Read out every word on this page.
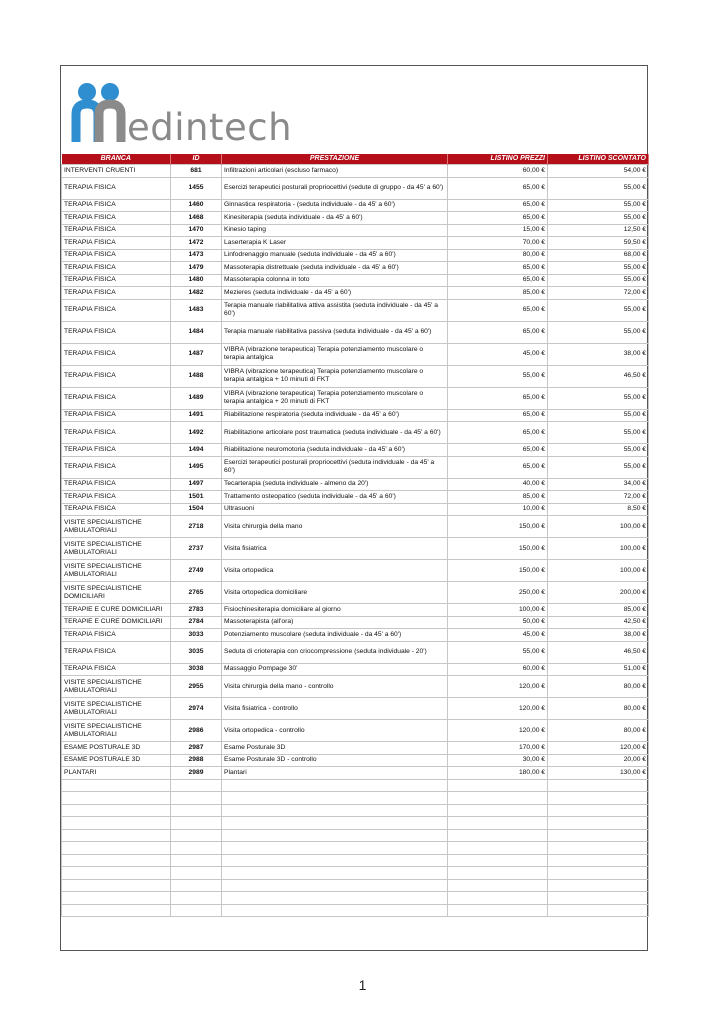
edintech
BRANCA	ID	PRESTAZIONE	LISTINO PREZZI	LISTINO SCONTATO
INTERVENTI CRUENTI	681	Infiltrazioni articolari (escluso farmaco)	60,00 €	54,00 €
TERAPIA FISICA	1455	Esercizi terapeutici posturali propriocettivi (sedute di gruppo - da 45' a 60')	65,00 €	55,00 €
TERAPIA FISICA	1460	Ginnastica respiratoria - (seduta individuale - da 45' a 60')	65,00 €	55,00 €
TERAPIA FISICA	1468	Kinesiterapia (seduta individuale - da 45' a 60')	65,00 €	55,00 €
TERAPIA FISICA	1470	Kinesio taping	15,00 €	12,50 €
TERAPIA FISICA	1472	Laserterapia K Laser	70,00 €	59,50 €
TERAPIA FISICA	1473	Linfodrenaggio manuale (seduta individuale - da 45' a 60')	80,00 €	68,00 €
TERAPIA FISICA	1479	Massoterapia distrettuale (seduta individuale - da 45' a 60')	65,00 €	55,00 €
TERAPIA FISICA	1480	Massoterapia colonna in toto	65,00 €	55,00 €
TERAPIA FISICA	1482	Mezieres (seduta individuale - da 45' a 60')	85,00 €	72,00 €
TERAPIA FISICA	1483	Terapia manuale riabilitativa attiva assistita (seduta individuale - da 45' a 60')	65,00 €	55,00 €
TERAPIA FISICA	1484	Terapia manuale riabilitativa passiva (seduta individuale - da 45' a 60')	65,00 €	55,00 €
TERAPIA FISICA	1487	VIBRA (vibrazione terapeutica) Terapia potenziamento muscolare o terapia antalgica	45,00 €	38,00 €
TERAPIA FISICA	1488	VIBRA (vibrazione terapeutica) Terapia potenziamento muscolare o terapia antalgica + 10 minuti di FKT	55,00 €	46,50 €
TERAPIA FISICA	1489	VIBRA (vibrazione terapeutica) Terapia potenziamento muscolare o terapia antalgica + 20 minuti di FKT	65,00 €	55,00 €
TERAPIA FISICA	1491	Riabilitazione respiratoria (seduta individuale - da 45' a 60')	65,00 €	55,00 €
TERAPIA FISICA	1492	Riabilitazione articolare post traumatica (seduta individuale - da 45' a 60')	65,00 €	55,00 €
TERAPIA FISICA	1494	Riabilitazione neuromotoria (seduta individuale - da 45' a 60')	65,00 €	55,00 €
TERAPIA FISICA	1495	Esercizi terapeutici posturali propriocettivi (seduta individuale - da 45' a 60')	65,00 €	55,00 €
TERAPIA FISICA	1497	Tecarterapia (seduta individuale - almeno da 20')	40,00 €	34,00 €
TERAPIA FISICA	1501	Trattamento osteopatico (seduta individuale - da 45' a 60')	85,00 €	72,00 €
TERAPIA FISICA	1504	Ultrasuoni	10,00 €	8,50 €
VISITE SPECIALISTICHE AMBULATORIALI	2718	Visita chirurgia della mano	150,00 €	100,00 €
VISITE SPECIALISTICHE AMBULATORIALI	2737	Visita fisiatrica	150,00 €	100,00 €
VISITE SPECIALISTICHE AMBULATORIALI	2749	Visita ortopedica	150,00 €	100,00 €
VISITE SPECIALISTICHE DOMICILIARI	2765	Visita ortopedica domiciliare	250,00 €	200,00 €
TERAPIE E CURE DOMICILIARI	2783	Fisiochinesiterapia domiciliare al giorno	100,00 €	85,00 €
TERAPIE E CURE DOMICILIARI	2784	Massoterapista (all'ora)	50,00 €	42,50 €
TERAPIA FISICA	3033	Potenziamento muscolare (seduta individuale - da 45' a 60')	45,00 €	38,00 €
TERAPIA FISICA	3035	Seduta di crioterapia con criocompressione (seduta individuale - 20')	55,00 €	46,50 €
TERAPIA FISICA	3038	Massaggio Pompage 30'	60,00 €	51,00 €
VISITE SPECIALISTICHE AMBULATORIALI	2955	Visita chirurgia della mano - controllo	120,00 €	80,00 €
VISITE SPECIALISTICHE AMBULATORIALI	2974	Visita fisiatrica - controllo	120,00 €	80,00 €
VISITE SPECIALISTICHE AMBULATORIALI	2986	Visita ortopedica - controllo	120,00 €	80,00 €
ESAME POSTURALE 3D	2987	Esame Posturale 3D	170,00 €	120,00 €
ESAME POSTURALE 3D	2988	Esame Posturale 3D - controllo	30,00 €	20,00 €
PLANTARI	2989	Plantari	180,00 €	130,00 €

1
